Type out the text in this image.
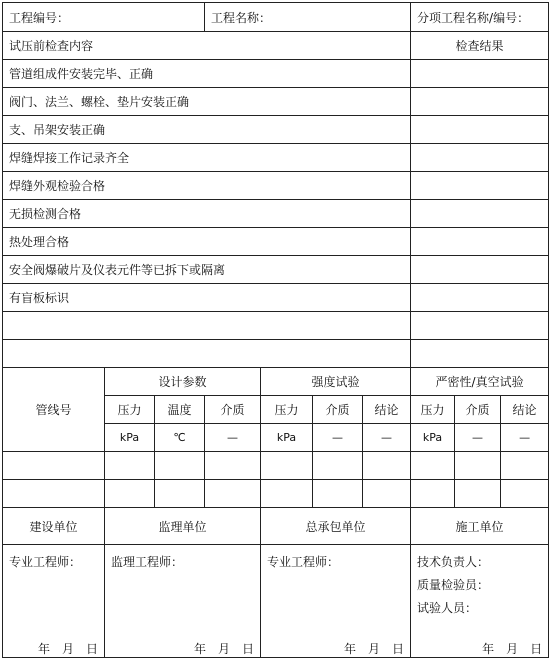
工程编号：			工程名称：				分项工程名称/编号：		
试压前检查内容							检查结果		
管道组成件安装完毕、正确									
阀门、法兰、螺栓、垫片安装正确									
支、吊架安装正确									
焊缝焊接工作记录齐全									
焊缝外观检验合格									
无损检测合格									
热处理合格									
安全阀爆破片及仪表元件等已拆下或隔离									
有盲板标识									

管线号	设计参数			强度试验			严密性/真空试验		
	压力	温度	介质	压力	介质	结论	压力	介质	结论
	kPa	℃	—	kPa	—	—	kPa	—	—

建设单位	监理单位			总承包单位			施工单位		

专业工程师：	监理工程师：			专业工程师：			技术负责人：
质量检验员：
试验人员：		

年　月　日	年　月　日			年　月　日			年　月　日		
